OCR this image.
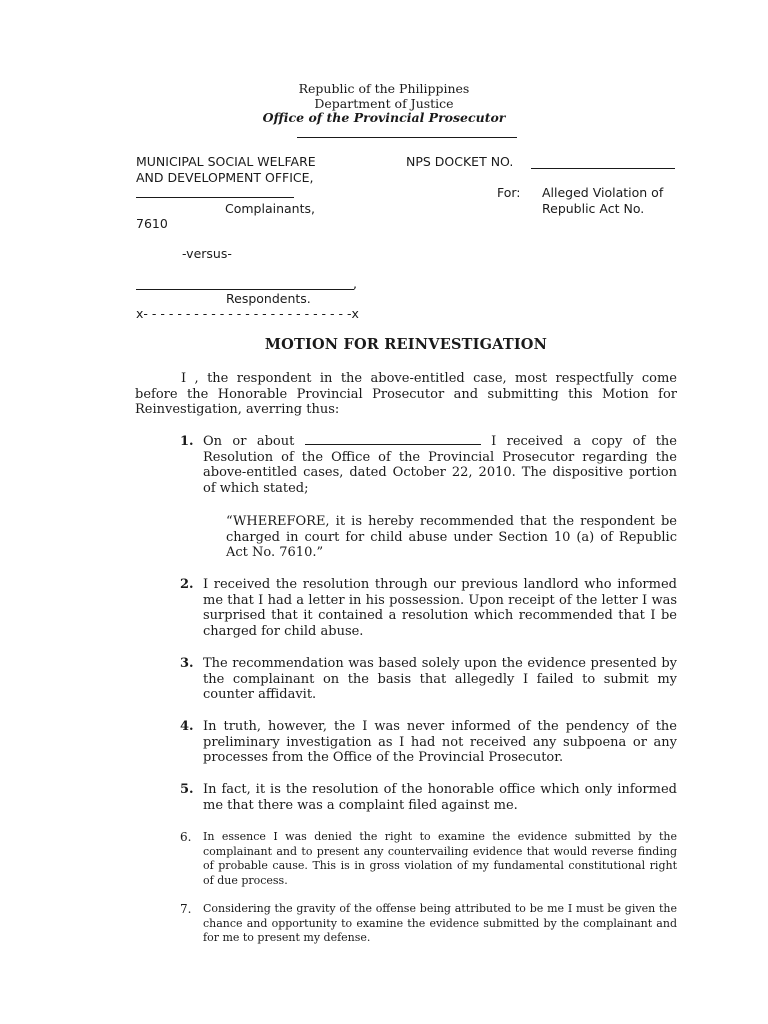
Republic of the Philippines
Department of Justice
Office of the Provincial Prosecutor
MUNICIPAL SOCIAL WELFARE
AND DEVELOPMENT OFFICE,
Complainants,
7610
-versus-
,
Respondents.
x- - - - - - - - - - - - - - - - - - - - - - - - -x
NPS DOCKET NO.
For: Alleged Violation of
Republic Act No.
MOTION FOR REINVESTIGATION
I , the respondent in the above-entitled case, most respectfully come before the Honorable Provincial Prosecutor and submitting this Motion for Reinvestigation, averring thus:
1. On or about	I received a copy of the Resolution of the Office of the Provincial Prosecutor regarding the above-entitled cases, dated October 22, 2010. The dispositive portion of which stated;
“WHEREFORE, it is hereby recommended that the respondent be charged in court for child abuse under Section 10 (a) of Republic Act No. 7610.”
2. I received the resolution through our previous landlord who informed me that I had a letter in his possession. Upon receipt of the letter I was surprised that it contained a resolution which recommended that I be charged for child abuse.
3. The recommendation was based solely upon the evidence presented by the complainant on the basis that allegedly I failed to submit my counter affidavit.
4. In truth, however, the I was never informed of the pendency of the preliminary investigation as I had not received any subpoena or any processes from the Office of the Provincial Prosecutor.
5. In fact, it is the resolution of the honorable office which only informed me that there was a complaint filed against me.
6. In essence I was denied the right to examine the evidence submitted by the complainant and to present any countervailing evidence that would reverse finding of probable cause. This is in gross violation of my fundamental constitutional right of due process.
7. Considering the gravity of the offense being attributed to be me I must be given the chance and opportunity to examine the evidence submitted by the complainant and for me to present my defense.
